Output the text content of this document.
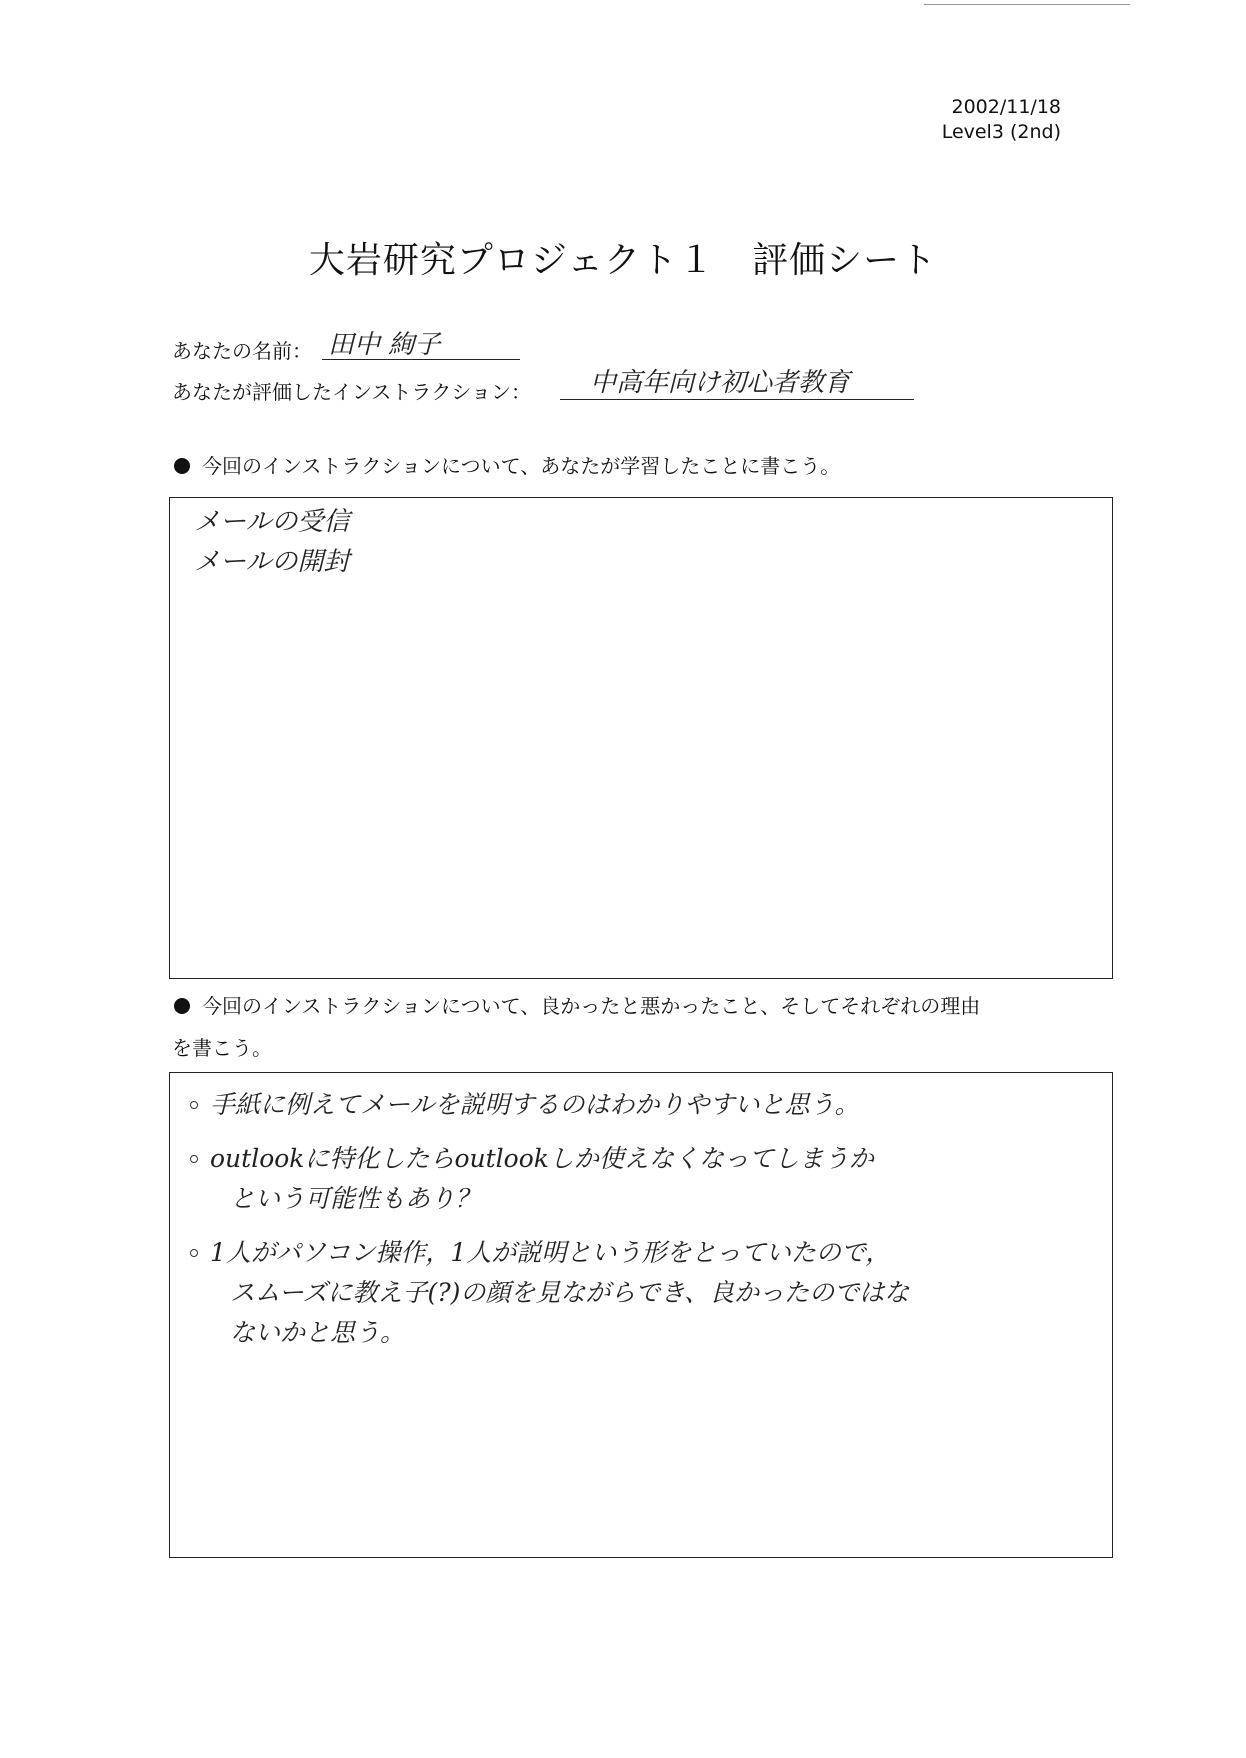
2002/11/18
Level3 (2nd)
大岩研究プロジェクト１　評価シート
あなたの名前： 田中 絢子
あなたが評価したインストラクション： 中高年向け初心者教育
今回のインストラクションについて、あなたが学習したことに書こう。
メールの受信
メールの開封
今回のインストラクションについて、良かったと悪かったこと、そしてそれぞれの理由
を書こう。
手紙に例えてメールを説明するのはわかりやすいと思う。
outlookに特化したらoutlookしか使えなくなってしまうか
という可能性もあり？
1人がパソコン操作，1人が説明という形をとっていたので，
スムーズに教え子(?)の顔を見ながらでき、良かったのではな
ないかと思う。
